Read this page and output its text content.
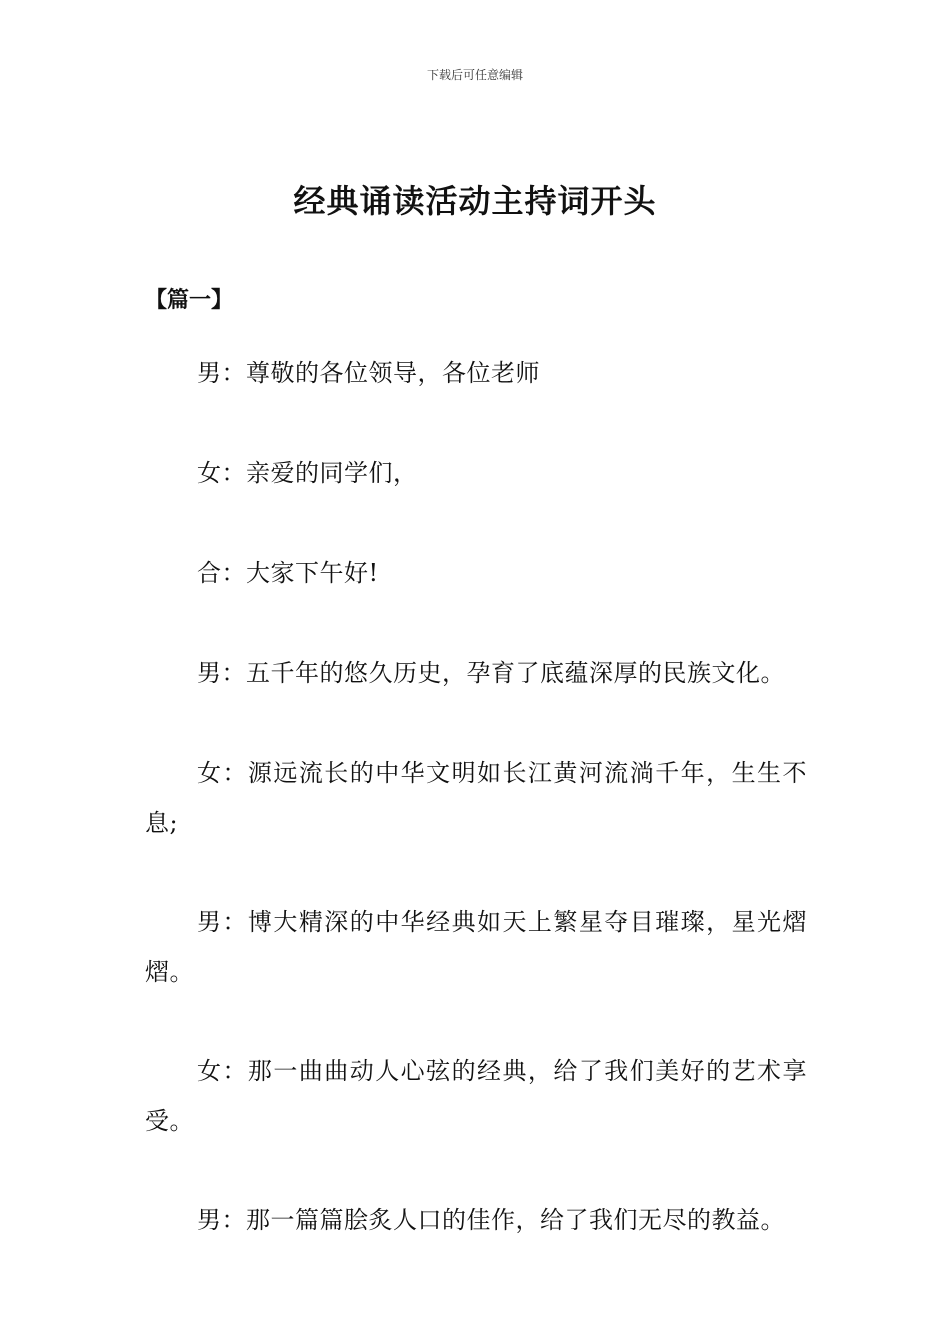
下载后可任意编辑
经典诵读活动主持词开头
【篇一】

男：尊敬的各位领导，各位老师

女：亲爱的同学们，

合：大家下午好!

男：五千年的悠久历史，孕育了底蕴深厚的民族文化。

女：源远流长的中华文明如长江黄河流淌千年，生生不息;

男：博大精深的中华经典如天上繁星夺目璀璨，星光熠熠。

女：那一曲曲动人心弦的经典，给了我们美好的艺术享受。

男：那一篇篇脍炙人口的佳作，给了我们无尽的教益。
